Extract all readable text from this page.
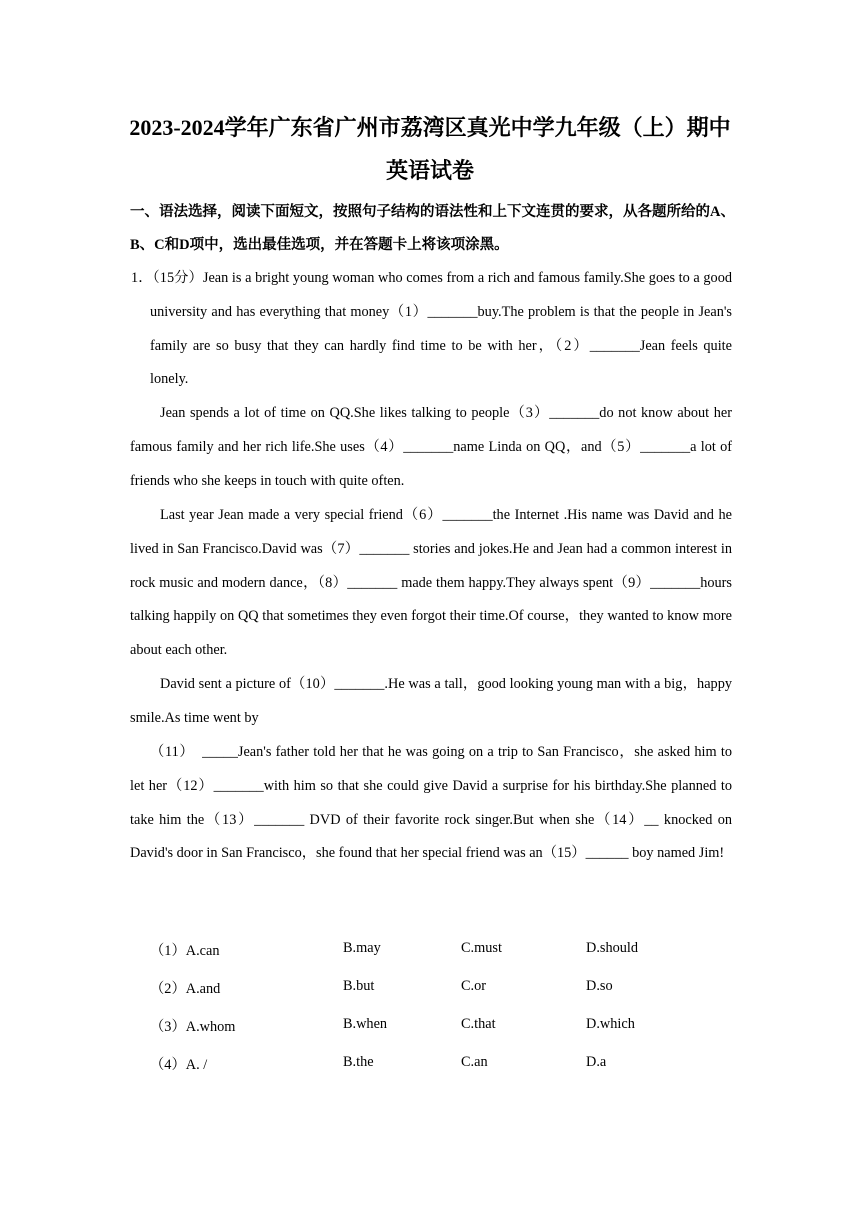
2023-2024学年广东省广州市荔湾区真光中学九年级（上）期中
英语试卷
一、语法选择，阅读下面短文，按照句子结构的语法性和上下文连贯的要求，从各题所给的A、B、C和D项中，选出最佳选项，并在答题卡上将该项涂黑。
1．（15分）Jean is a bright young woman who comes from a rich and famous family.She goes to a good university and has everything that money（1）_______buy.The problem is that the people in Jean's family are so busy that they can hardly find time to be with her，（2）_______Jean feels quite lonely.
Jean spends a lot of time on QQ.She likes talking to people（3）_______do not know about her famous family and her rich life.She uses（4）_______name Linda on QQ，and（5）_______a lot of friends who she keeps in touch with quite often.
Last year Jean made a very special friend（6）_______the Internet .His name was David and he lived in San Francisco.David was（7）_______ stories and jokes.He and Jean had a common interest in rock music and modern dance，（8）_______ made them happy.They always spent（9）_______hours talking happily on QQ that sometimes they even forgot their time.Of course，they wanted to know more about each other.
David sent a picture of（10）_______.He was a tall，good looking young man with a big，happy smile.As time went by
（11）　_____Jean's father told her that he was going on a trip to San Francisco，she asked him to let her（12）_______with him so that she could give David a surprise for his birthday.She planned to take him the（13）_______ DVD of their favorite rock singer.But when she（14）__ knocked on David's door in San Francisco，she found that her special friend was an（15）______ boy named Jim!
（1）A.can	B.may	C.must	D.should
（2）A.and	B.but	C.or	D.so
（3）A.whom	B.when	C.that	D.which
（4）A. /	B.the	C.an	D.a
